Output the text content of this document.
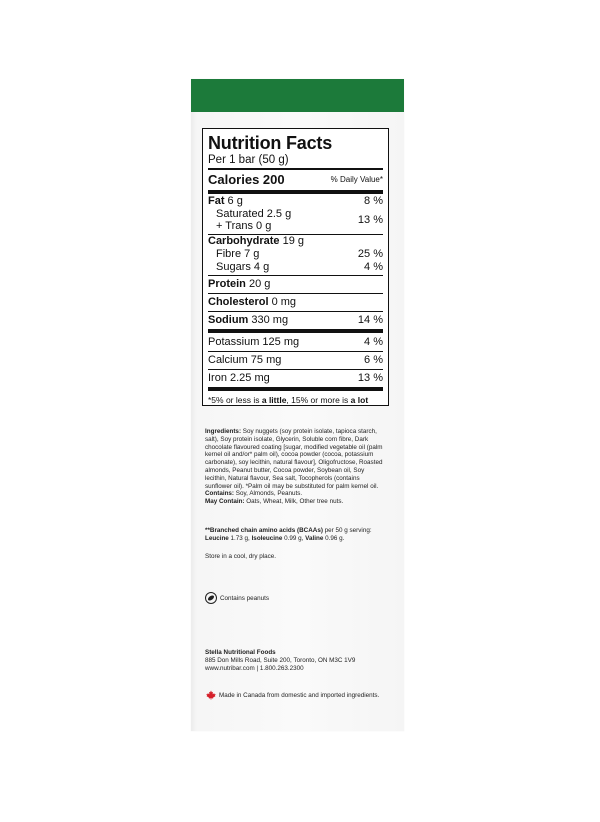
Nutrition Facts
Per 1 bar (50 g)
Calories 200	% Daily Value*
Fat 6 g	8 %
Saturated 2.5 g
+ Trans 0 g	13 %
Carbohydrate 19 g
Fibre 7 g	25 %
Sugars 4 g	4 %
Protein 20 g
Cholesterol 0 mg
Sodium 330 mg	14 %
Potassium 125 mg	4 %
Calcium 75 mg	6 %
Iron 2.25 mg	13 %
*5% or less is a little, 15% or more is a lot
Ingredients: Soy nuggets (soy protein isolate, tapioca starch, salt), Soy protein isolate, Glycerin, Soluble corn fibre, Dark chocolate flavoured coating [sugar, modified vegetable oil (palm kernel oil and/or* palm oil), cocoa powder (cocoa, potassium carbonate), soy lecithin, natural flavour], Oligofructose, Roasted almonds, Peanut butter, Cocoa powder, Soybean oil, Soy lecithin, Natural flavour, Sea salt, Tocopherols (contains sunflower oil). *Palm oil may be substituted for palm kernel oil.
Contains: Soy, Almonds, Peanuts.
May Contain: Oats, Wheat, Milk, Other tree nuts.
**Branched chain amino acids (BCAAs) per 50 g serving:
Leucine 1.73 g, Isoleucine 0.99 g, Valine 0.96 g.
Store in a cool, dry place.
Contains peanuts
Stella Nutritional Foods
885 Don Mills Road, Suite 200, Toronto, ON M3C 1V9
www.nutribar.com | 1.800.263.2300
Made in Canada from domestic and imported ingredients.
